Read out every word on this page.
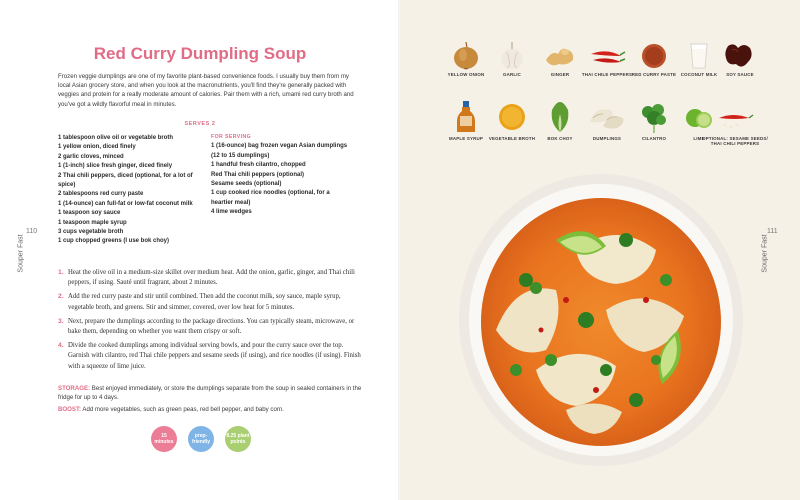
Red Curry Dumpling Soup
Frozen veggie dumplings are one of my favorite plant-based convenience foods. I usually buy them from my local Asian grocery store, and when you look at the macronutrients, you'll find they're generally packed with veggies and protein for a really moderate amount of calories. Pair them with a rich, umami red curry broth and you've got a wildly flavorful meal in minutes.
SERVES 2
1 tablespoon olive oil or vegetable broth
1 yellow onion, diced finely
2 garlic cloves, minced
1 (1-inch) slice fresh ginger, diced finely
2 Thai chili peppers, diced (optional, for a lot of spice)
2 tablespoons red curry paste
1 (14-ounce) can full-fat or low-fat coconut milk
1 teaspoon soy sauce
1 teaspoon maple syrup
3 cups vegetable broth
1 cup chopped greens (I use bok choy)
FOR SERVING
1 (16-ounce) bag frozen vegan Asian dumplings (12 to 15 dumplings)
1 handful fresh cilantro, chopped
Red Thai chili peppers (optional)
Sesame seeds (optional)
1 cup cooked rice noodles (optional, for a heartier meal)
4 lime wedges
1. Heat the olive oil in a medium-size skillet over medium heat. Add the onion, garlic, ginger, and Thai chili peppers, if using. Sauté until fragrant, about 2 minutes.
2. Add the red curry paste and stir until combined. Then add the coconut milk, soy sauce, maple syrup, vegetable broth, and greens. Stir and simmer, covered, over low heat for 5 minutes.
3. Next, prepare the dumplings according to the package directions. You can typically steam, microwave, or bake them, depending on whether you want them crispy or soft.
4. Divide the cooked dumplings among individual serving bowls, and pour the curry sauce over the top. Garnish with cilantro, red Thai chile peppers and sesame seeds (if using), and rice noodles (if using). Finish with a squeeze of lime juice.
STORAGE: Best enjoyed immediately, or store the dumplings separate from the soup in sealed containers in the fridge for up to 4 days.
BOOST: Add more vegetables, such as green peas, red bell pepper, and baby corn.
15 minutes
prep-friendly
8.25 plant points
110
Souper Fast
YELLOW ONION	GARLIC	GINGER	THAI CHILE PEPPERS RED CURRY PASTE	COCONUT MILK	SOY SAUCE
MAPLE SYRUP	VEGETABLE BROTH	BOK CHOY	DUMPLINGS	CILANTRO	LIME
OPTIONAL: SESAME SEEDS/ THAI CHILI PEPPERS
111
Souper Fast
